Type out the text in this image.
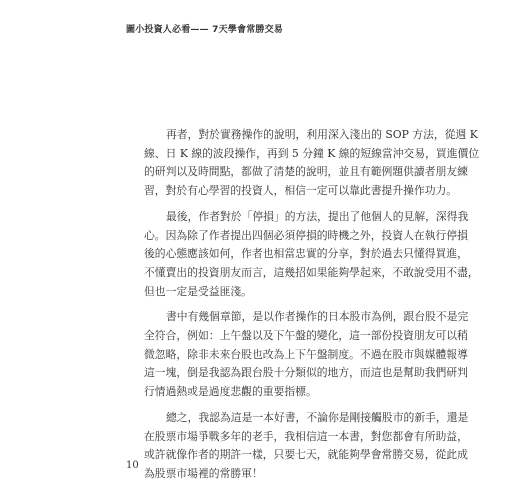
圖小投資人必看—— 7天學會常勝交易

再者，對於實務操作的說明，利用深入淺出的 SOP 方法，從週 K
線、日 K 線的波段操作，再到 5 分鐘 K 線的短線當沖交易，買進價位
的研判以及時間點，都做了清楚的說明，並且有範例題供讀者朋友練
習，對於有心學習的投資人，相信一定可以靠此書提升操作功力。

最後，作者對於「停損」的方法，提出了他個人的見解，深得我
心。因為除了作者提出四個必須停損的時機之外，投資人在執行停損
後的心態應該如何，作者也相當忠實的分享，對於過去只懂得買進，
不懂賣出的投資朋友而言，這幾招如果能夠學起來，不敢說受用不盡，
但也一定是受益匪淺。

書中有幾個章節，是以作者操作的日本股市為例，跟台股不是完
全符合，例如：上午盤以及下午盤的變化，這一部份投資朋友可以稍
微忽略，除非未來台股也改為上下午盤制度。不過在股市與媒體報導
這一塊，倒是我認為跟台股十分類似的地方，而這也是幫助我們研判
行情過熱或是過度悲觀的重要指標。

總之，我認為這是一本好書，不論你是剛接觸股市的新手，還是
在股票市場爭戰多年的老手，我相信這一本書，對您都會有所助益，
或許就像作者的期許一樣，只要七天，就能夠學會常勝交易，從此成
為股票市場裡的常勝軍！

10
